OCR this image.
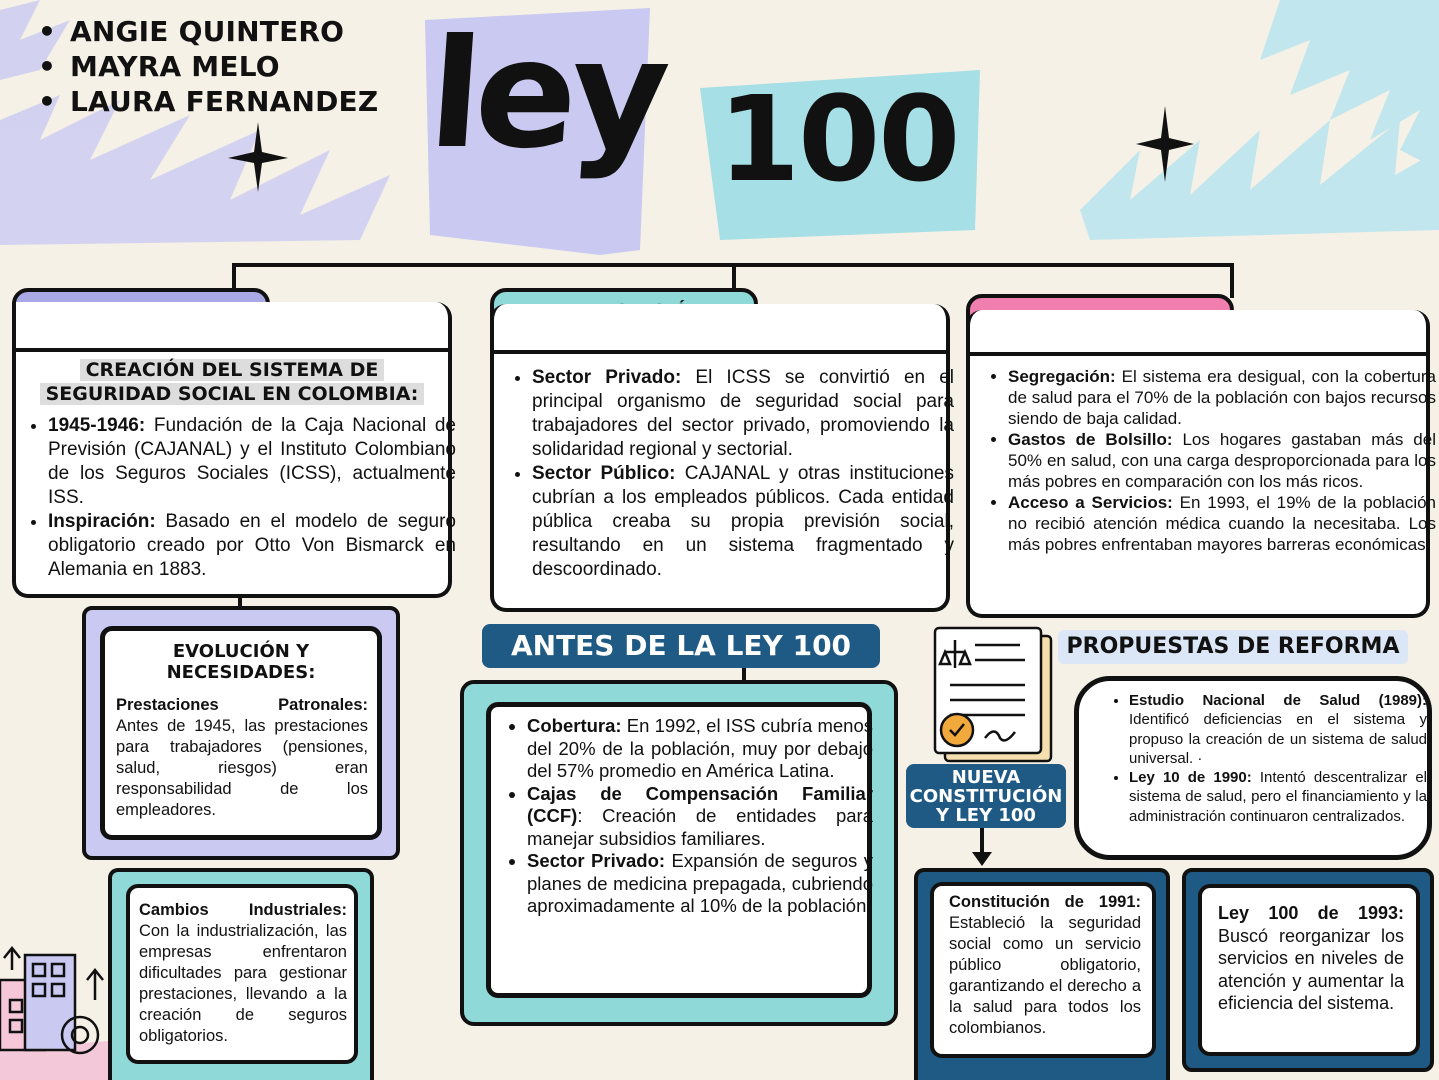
• ANGIE QUINTERO
• MAYRA MELO
• LAURA FERNANDEZ ley 100
CREACIÓN DEL SISTEMA DE
SEGURIDAD SOCIAL EN COLOMBIA:
• 1945-1946: Fundación de la Caja Nacional de Previsión (CAJANAL) y el Instituto Colombiano de los Seguros Sociales (ICSS), actualmente ISS.
• Inspiración: Basado en el modelo de seguro obligatorio creado por Otto Von Bismarck en Alemania en 1883.

• Sector Privado: El ICSS se convirtió en el principal organismo de seguridad social para trabajadores del sector privado, promoviendo la solidaridad regional y sectorial.
• Sector Público: CAJANAL y otras instituciones cubrían a los empleados públicos. Cada entidad pública creaba su propia previsión social, resultando en un sistema fragmentado y descoordinado.

• Segregación: El sistema era desigual, con la cobertura de salud para el 70% de la población con bajos recursos siendo de baja calidad.
• Gastos de Bolsillo: Los hogares gastaban más del 50% en salud, con una carga desproporcionada para los más pobres en comparación con los más ricos.
• Acceso a Servicios: En 1993, el 19% de la población no recibió atención médica cuando la necesitaba. Los más pobres enfrentaban mayores barreras económicas.
EVOLUCIÓN Y
NECESIDADES:
Prestaciones Patronales:
Antes de 1945, las prestaciones para trabajadores (pensiones, salud, riesgos) eran responsabilidad de los empleadores.
Cambios Industriales:
Con la industrialización, las empresas enfrentaron dificultades para gestionar prestaciones, llevando a la creación de seguros obligatorios.
ANTES DE LA LEY 100
• Cobertura: En 1992, el ISS cubría menos del 20% de la población, muy por debajo del 57% promedio en América Latina.
• Cajas de Compensación Familiar (CCF): Creación de entidades para manejar subsidios familiares.
• Sector Privado: Expansión de seguros y planes de medicina prepagada, cubriendo aproximadamente al 10% de la población.
PROPUESTAS DE REFORMA
• Estudio Nacional de Salud (1989): Identificó deficiencias en el sistema y propuso la creación de un sistema de salud universal. ·
• Ley 10 de 1990: Intentó descentralizar el sistema de salud, pero el financiamiento y la administración continuaron centralizados.
NUEVA
CONSTITUCIÓN
Y LEY 100
Constitución de 1991:
Estableció la seguridad social como un servicio público obligatorio, garantizando el derecho a la salud para todos los colombianos.
Ley 100 de 1993:
Buscó reorganizar los servicios en niveles de atención y aumentar la eficiencia del sistema.
